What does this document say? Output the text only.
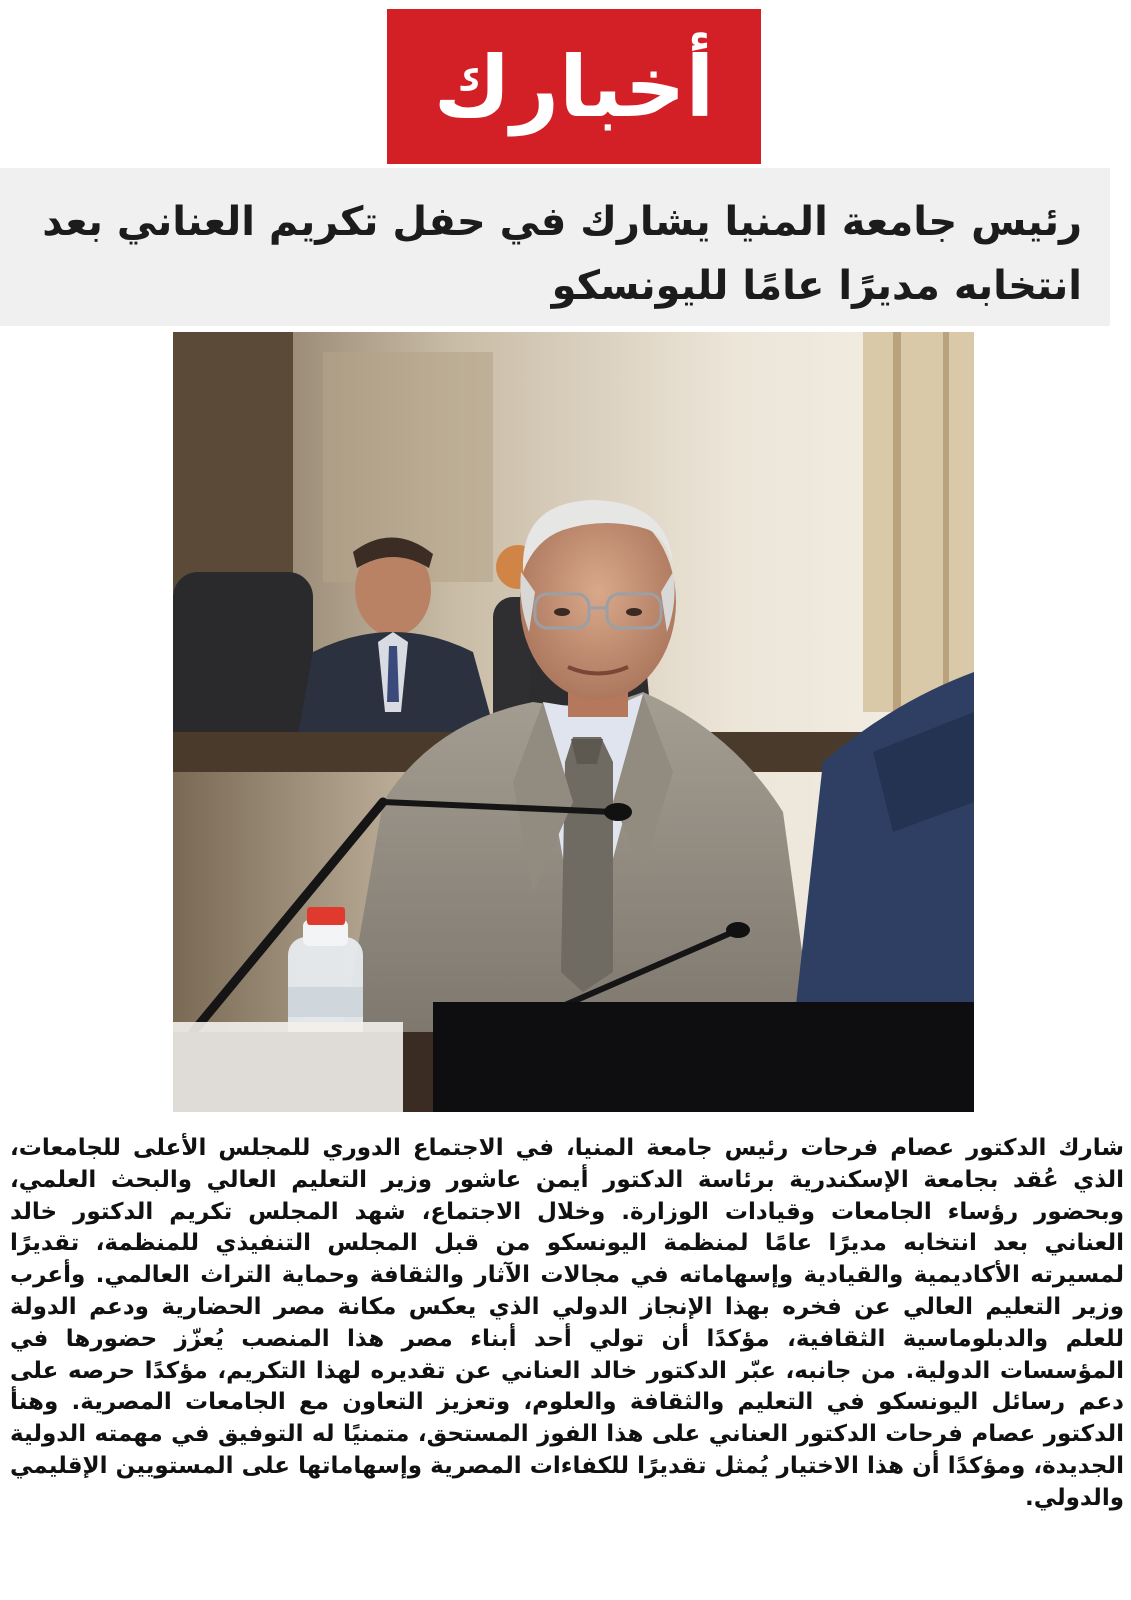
أخبارك
رئيس جامعة المنيا يشارك في حفل تكريم العناني بعد انتخابه مديرًا عامًا لليونسكو

شارك الدكتور عصام فرحات رئيس جامعة المنيا، في الاجتماع الدوري للمجلس الأعلى للجامعات، الذي عُقد بجامعة الإسكندرية برئاسة الدكتور أيمن عاشور وزير التعليم العالي والبحث العلمي، وبحضور رؤساء الجامعات وقيادات الوزارة. وخلال الاجتماع، شهد المجلس تكريم الدكتور خالد العناني بعد انتخابه مديرًا عامًا لمنظمة اليونسكو من قبل المجلس التنفيذي للمنظمة، تقديرًا لمسيرته الأكاديمية والقيادية وإسهاماته في مجالات الآثار والثقافة وحماية التراث العالمي. وأعرب وزير التعليم العالي عن فخره بهذا الإنجاز الدولي الذي يعكس مكانة مصر الحضارية ودعم الدولة للعلم والدبلوماسية الثقافية، مؤكدًا أن تولي أحد أبناء مصر هذا المنصب يُعزّز حضورها في المؤسسات الدولية. من جانبه، عبّر الدكتور خالد العناني عن تقديره لهذا التكريم، مؤكدًا حرصه على دعم رسائل اليونسكو في التعليم والثقافة والعلوم، وتعزيز التعاون مع الجامعات المصرية. وهنأ الدكتور عصام فرحات الدكتور العناني على هذا الفوز المستحق، متمنيًا له التوفيق في مهمته الدولية الجديدة، ومؤكدًا أن هذا الاختيار يُمثل تقديرًا للكفاءات المصرية وإسهاماتها على المستويين الإقليمي والدولي.
